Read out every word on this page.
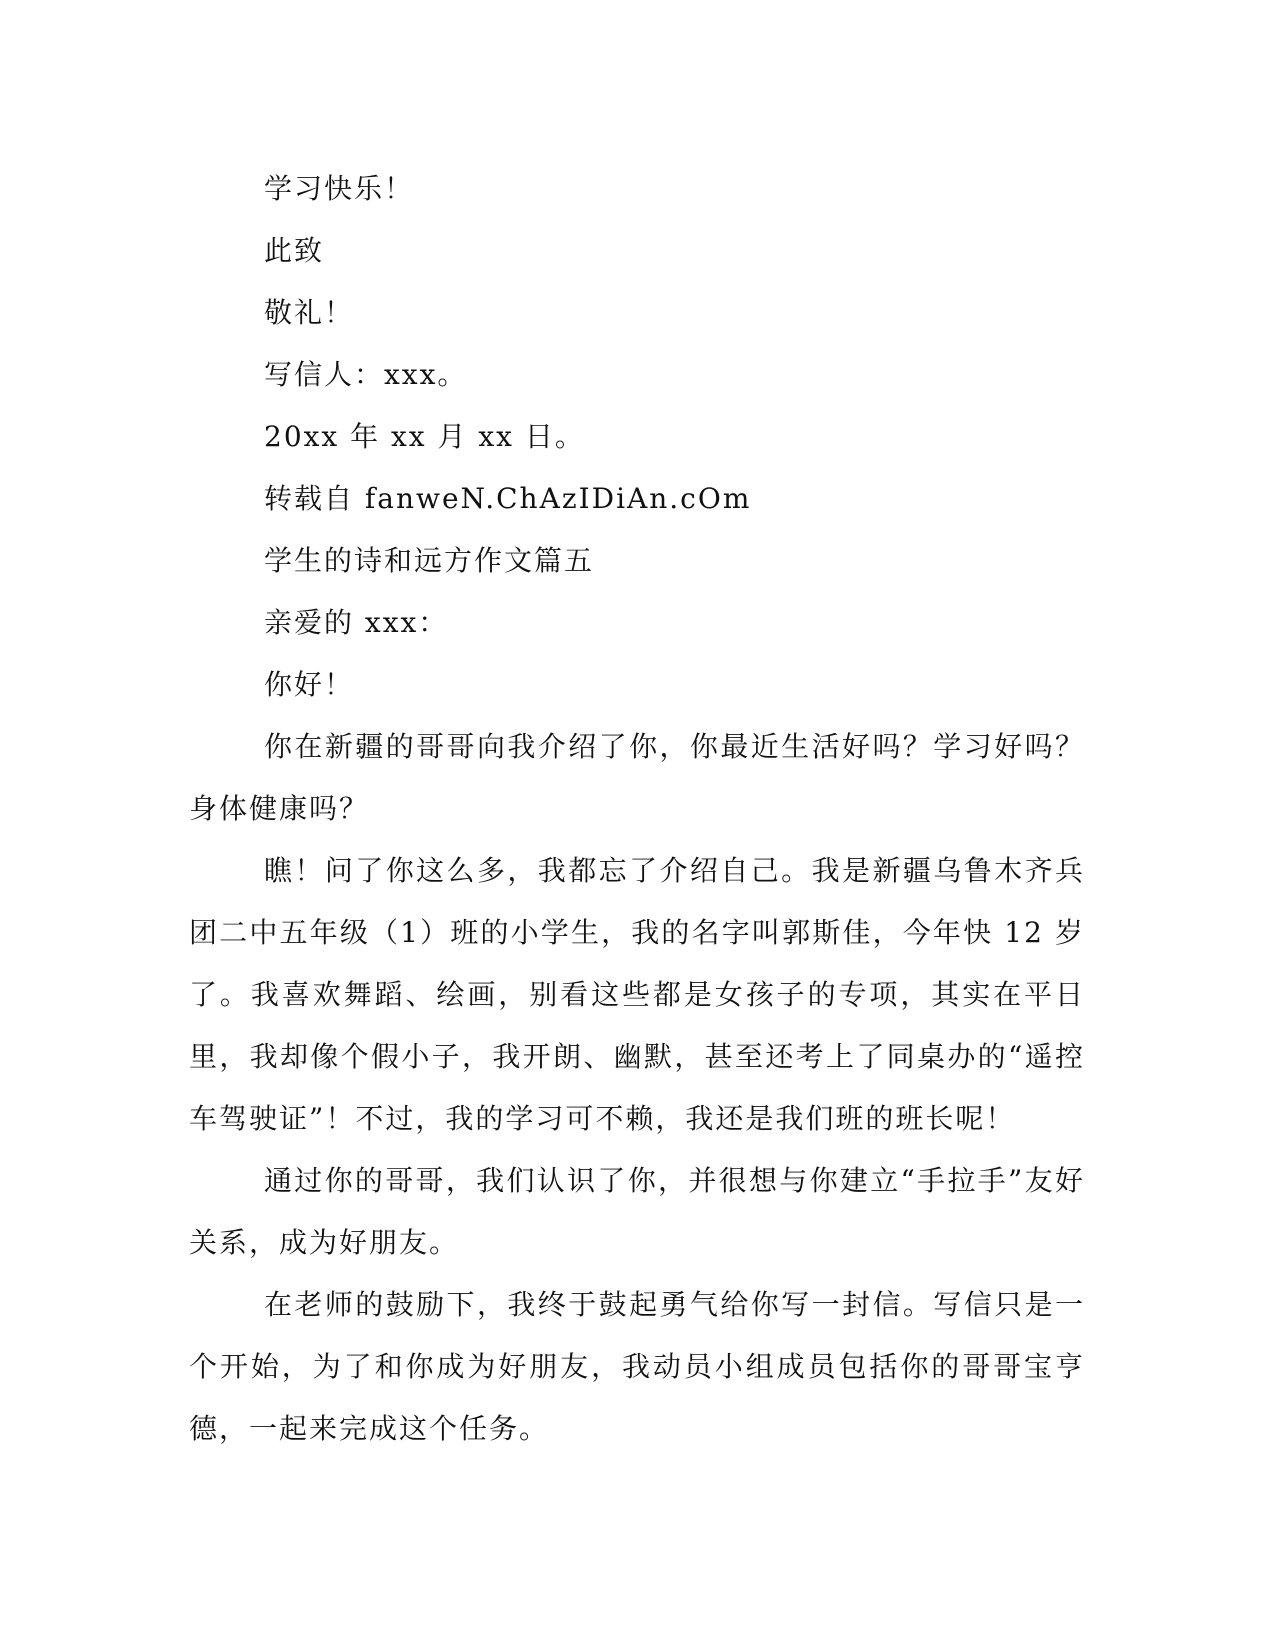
学习快乐！

此致

敬礼！

写信人：xxx。

20xx 年 xx 月 xx 日。

转载自 fanweN.ChAzIDiAn.cOm

学生的诗和远方作文篇五

亲爱的 xxx：

你好！

你在新疆的哥哥向我介绍了你，你最近生活好吗？学习好吗？身体健康吗？

瞧！问了你这么多，我都忘了介绍自己。我是新疆乌鲁木齐兵团二中五年级（1）班的小学生，我的名字叫郭斯佳，今年快 12 岁了。我喜欢舞蹈、绘画，别看这些都是女孩子的专项，其实在平日里，我却像个假小子，我开朗、幽默，甚至还考上了同桌办的“遥控车驾驶证”！不过，我的学习可不赖，我还是我们班的班长呢！

通过你的哥哥，我们认识了你，并很想与你建立“手拉手”友好关系，成为好朋友。

在老师的鼓励下，我终于鼓起勇气给你写一封信。写信只是一个开始，为了和你成为好朋友，我动员小组成员包括你的哥哥宝亨德，一起来完成这个任务。
